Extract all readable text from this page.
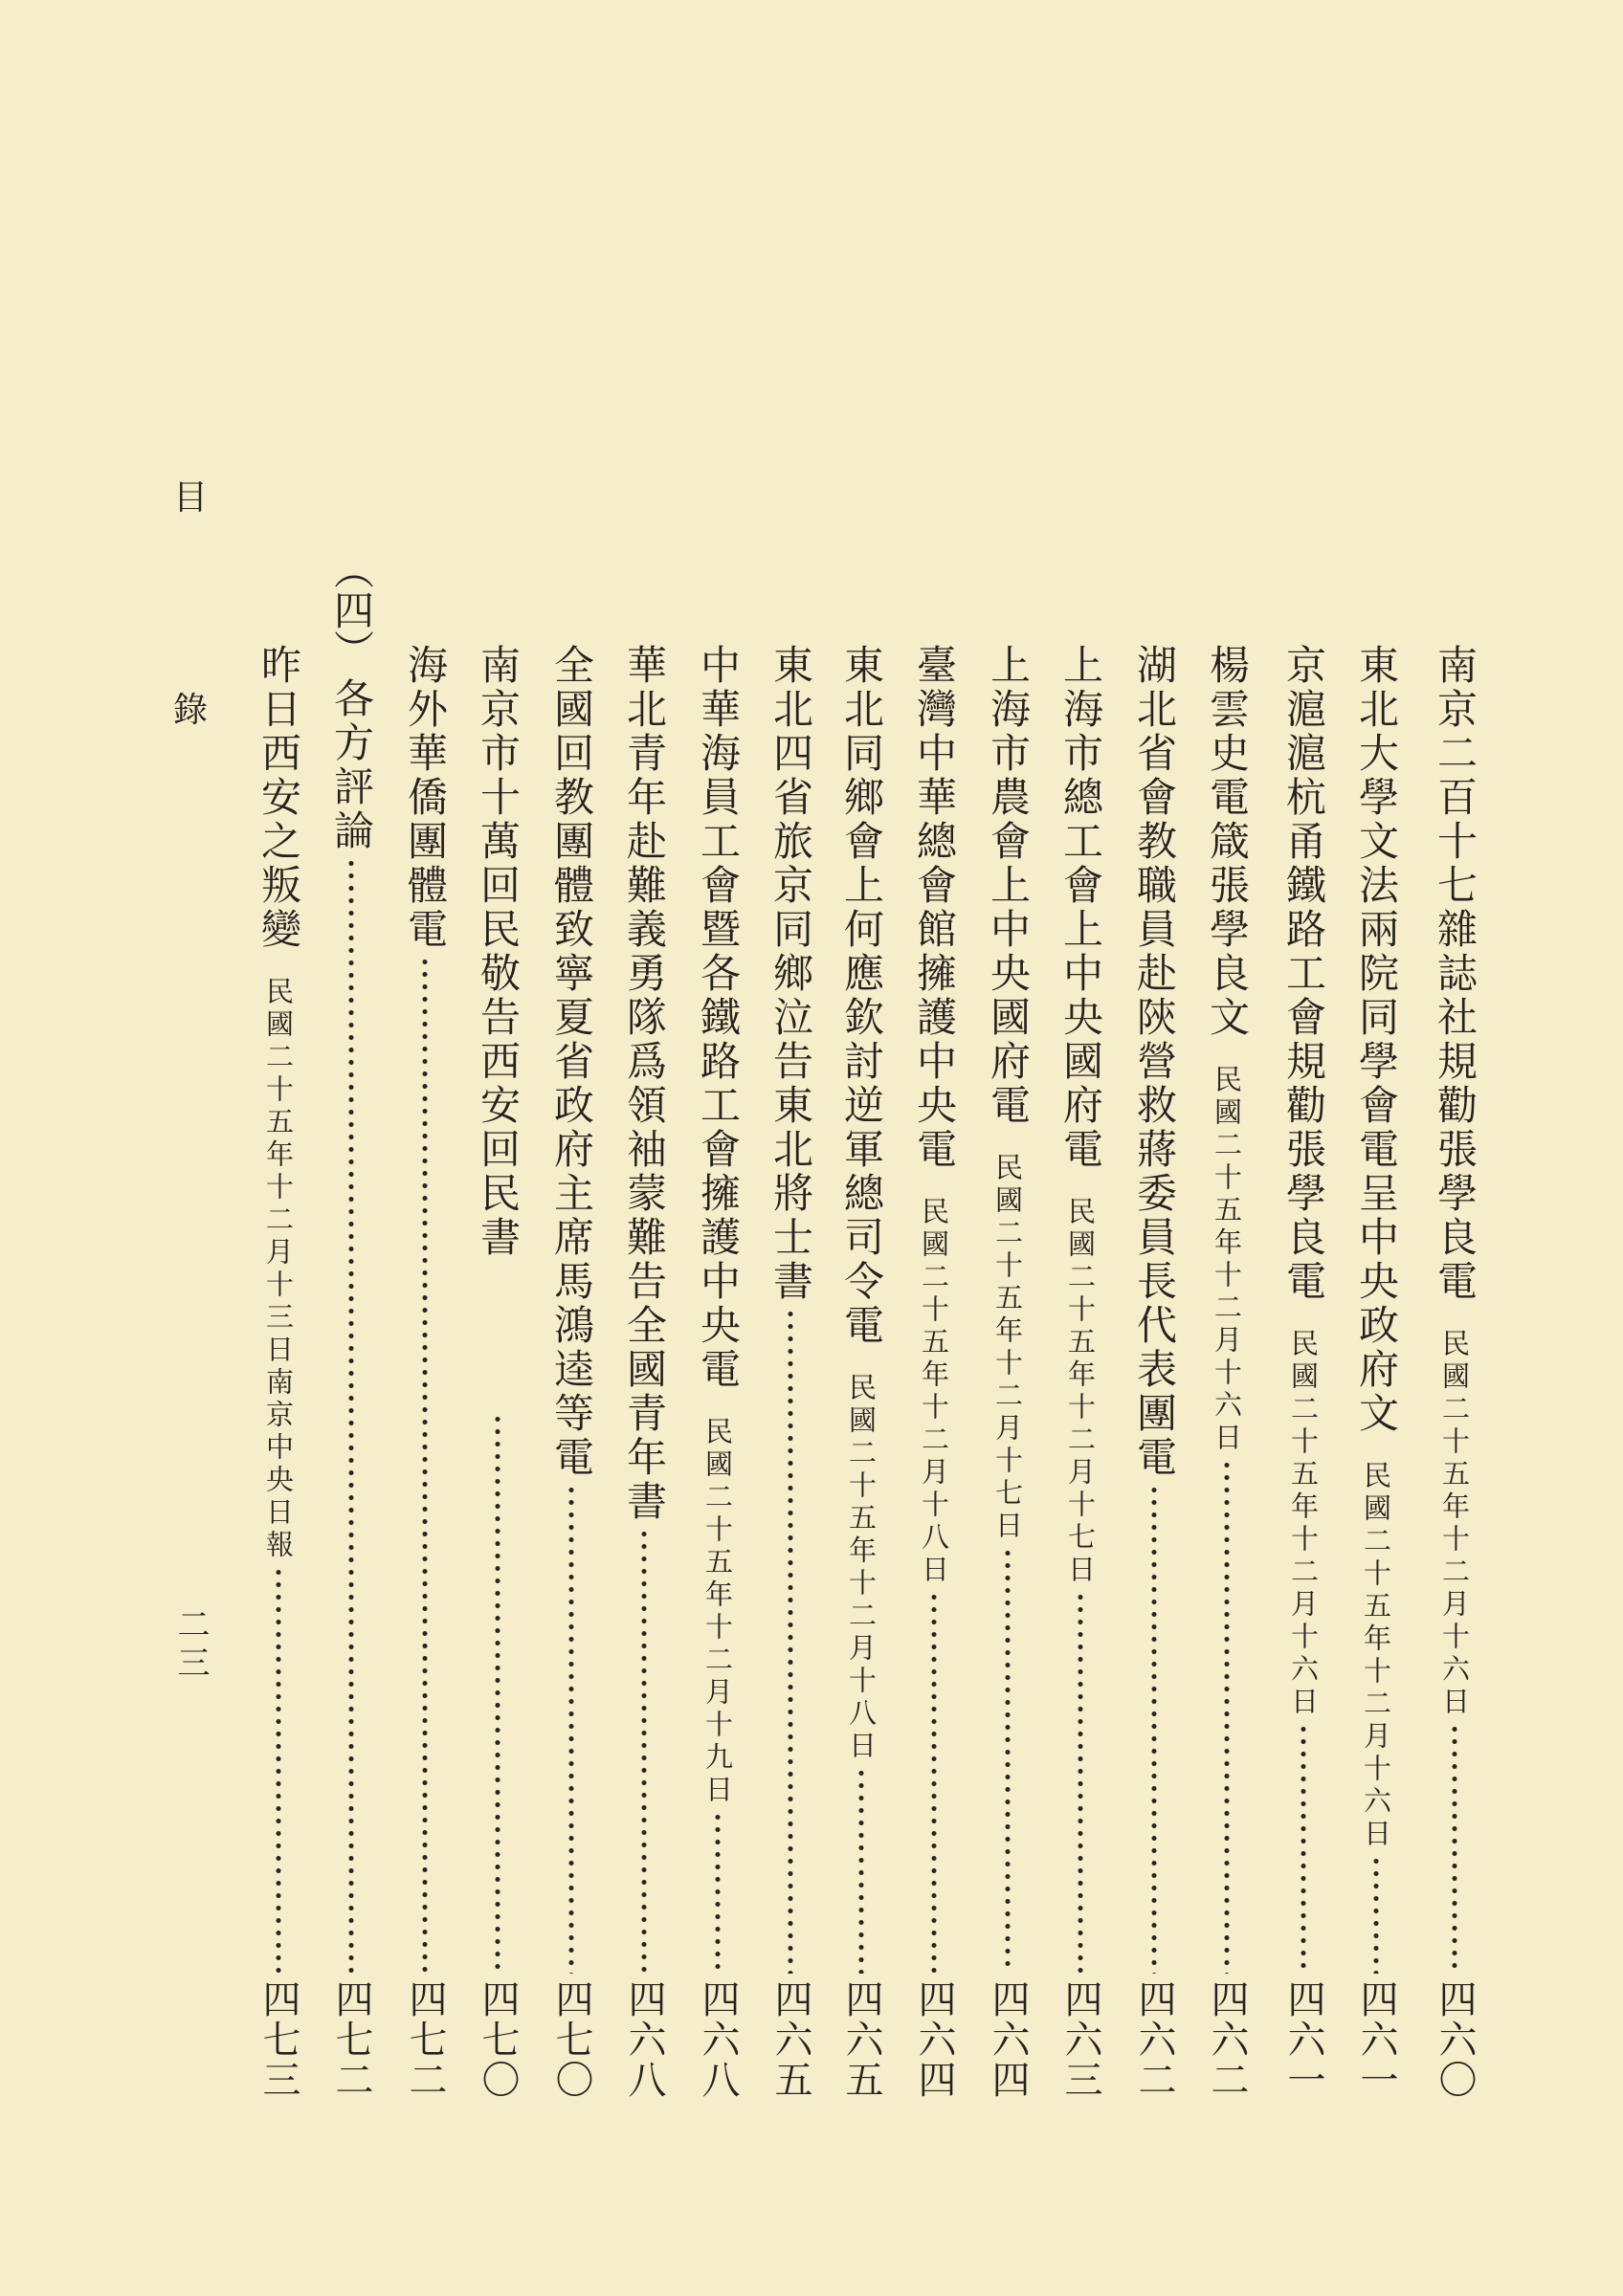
南京二百十七雜誌社規勸張學良電
民國二十五年十二月十六日
四六〇
東北大學文法兩院同學會電呈中央政府文
民國二十五年十二月十六日
四六一
京滬滬杭甬鐵路工會規勸張學良電
民國二十五年十二月十六日
四六一
楊雲史電箴張學良文
民國二十五年十二月十六日
四六二
湖北省會教職員赴陝營救蔣委員長代表團電
四六二
上海市總工會上中央國府電
民國二十五年十二月十七日
四六三
上海市農會上中央國府電
民國二十五年十二月十七日
四六四
臺灣中華總會館擁護中央電
民國二十五年十二月十八日
四六四
東北同鄉會上何應欽討逆軍總司令電
民國二十五年十二月十八日
四六五
東北四省旅京同鄉泣告東北將士書
四六五
中華海員工會暨各鐵路工會擁護中央電
民國二十五年十二月十九日
四六八
華北青年赴難義勇隊爲領袖蒙難告全國青年書
四六八
全國回教團體致寧夏省政府主席馬鴻逵等電
四七〇
南京市十萬回民敬告西安回民書
四七〇
海外華僑團體電
四七二
（四）
各方評論
四七二
昨日西安之叛變
民國二十五年十二月十三日南京中央日報
四七三
目
錄
二三
